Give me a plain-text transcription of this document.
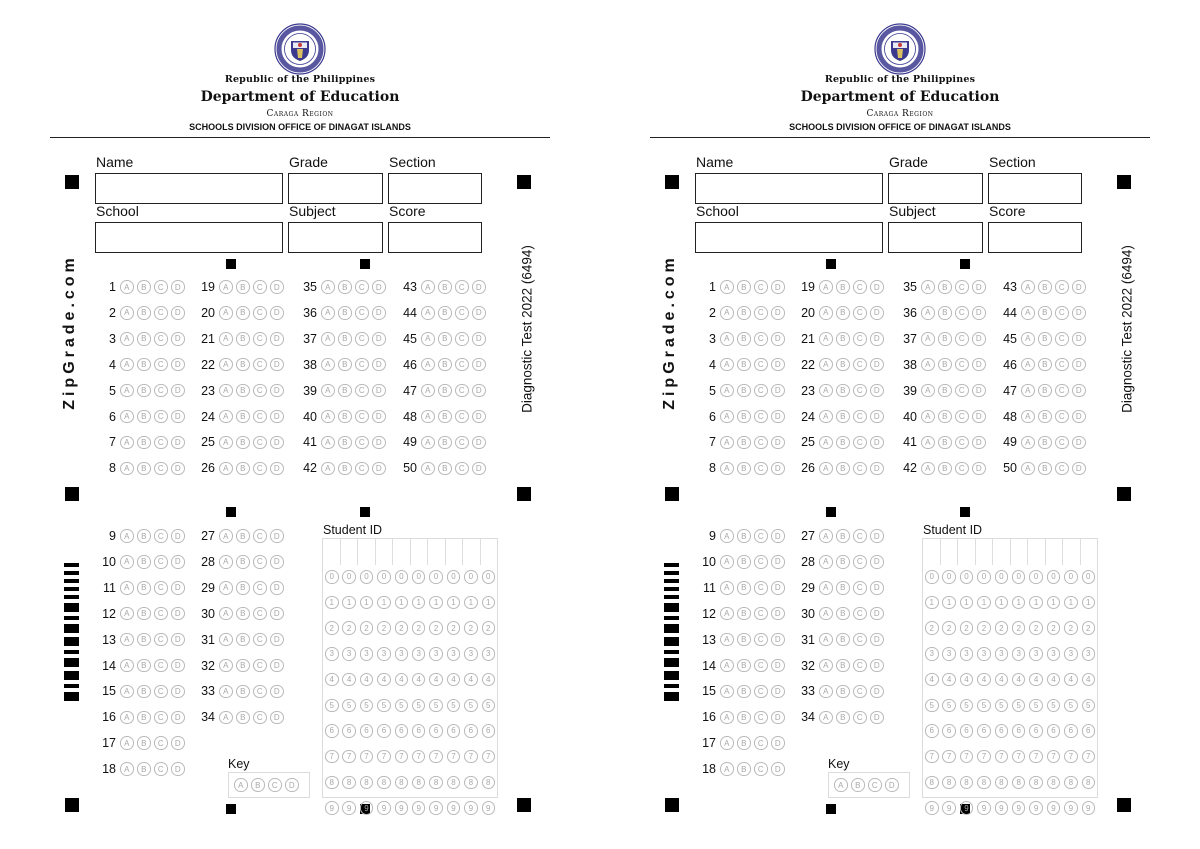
Republic of the Philippines
Department of Education
Caraga Region
SCHOOLS DIVISION OFFICE OF DINAGAT ISLANDS
Name	Grade	Section
School	Subject	Score
ZipGrade.com	Diagnostic Test 2022 (6494)
1	A	B	C	D
2	A	B	C	D
3	A	B	C	D
4	A	B	C	D
5	A	B	C	D
6	A	B	C	D
7	A	B	C	D
8	A	B	C	D
19	A	B	C	D
20	A	B	C	D
21	A	B	C	D
22	A	B	C	D
23	A	B	C	D
24	A	B	C	D
25	A	B	C	D
26	A	B	C	D
35	A	B	C	D
36	A	B	C	D
37	A	B	C	D
38	A	B	C	D
39	A	B	C	D
40	A	B	C	D
41	A	B	C	D
42	A	B	C	D
43	A	B	C	D
44	A	B	C	D
45	A	B	C	D
46	A	B	C	D
47	A	B	C	D
48	A	B	C	D
49	A	B	C	D
50	A	B	C	D
9	A	B	C	D
10	A	B	C	D
11	A	B	C	D
12	A	B	C	D
13	A	B	C	D
14	A	B	C	D
15	A	B	C	D
16	A	B	C	D
17	A	B	C	D
18	A	B	C	D
27	A	B	C	D
28	A	B	C	D
29	A	B	C	D
30	A	B	C	D
31	A	B	C	D
32	A	B	C	D
33	A	B	C	D
34	A	B	C	D
Student ID
0	0	0	0	0	0	0	0	0	0
1	1	1	1	1	1	1	1	1	1
2	2	2	2	2	2	2	2	2	2
3	3	3	3	3	3	3	3	3	3
4	4	4	4	4	4	4	4	4	4
5	5	5	5	5	5	5	5	5	5
6	6	6	6	6	6	6	6	6	6
7	7	7	7	7	7	7	7	7	7
8	8	8	8	8	8	8	8	8	8
9	9	9	9	9	9	9	9	9	9
Key
A	B	C	D
Republic of the Philippines
Department of Education
Caraga Region
SCHOOLS DIVISION OFFICE OF DINAGAT ISLANDS
Name	Grade	Section
School	Subject	Score
ZipGrade.com	Diagnostic Test 2022 (6494)
1	A	B	C	D
2	A	B	C	D
3	A	B	C	D
4	A	B	C	D
5	A	B	C	D
6	A	B	C	D
7	A	B	C	D
8	A	B	C	D
19	A	B	C	D
20	A	B	C	D
21	A	B	C	D
22	A	B	C	D
23	A	B	C	D
24	A	B	C	D
25	A	B	C	D
26	A	B	C	D
35	A	B	C	D
36	A	B	C	D
37	A	B	C	D
38	A	B	C	D
39	A	B	C	D
40	A	B	C	D
41	A	B	C	D
42	A	B	C	D
43	A	B	C	D
44	A	B	C	D
45	A	B	C	D
46	A	B	C	D
47	A	B	C	D
48	A	B	C	D
49	A	B	C	D
50	A	B	C	D
9	A	B	C	D
10	A	B	C	D
11	A	B	C	D
12	A	B	C	D
13	A	B	C	D
14	A	B	C	D
15	A	B	C	D
16	A	B	C	D
17	A	B	C	D
18	A	B	C	D
27	A	B	C	D
28	A	B	C	D
29	A	B	C	D
30	A	B	C	D
31	A	B	C	D
32	A	B	C	D
33	A	B	C	D
34	A	B	C	D
Student ID
0	0	0	0	0	0	0	0	0	0
1	1	1	1	1	1	1	1	1	1
2	2	2	2	2	2	2	2	2	2
3	3	3	3	3	3	3	3	3	3
4	4	4	4	4	4	4	4	4	4
5	5	5	5	5	5	5	5	5	5
6	6	6	6	6	6	6	6	6	6
7	7	7	7	7	7	7	7	7	7
8	8	8	8	8	8	8	8	8	8
9	9	9	9	9	9	9	9	9	9
Key
A	B	C	D
